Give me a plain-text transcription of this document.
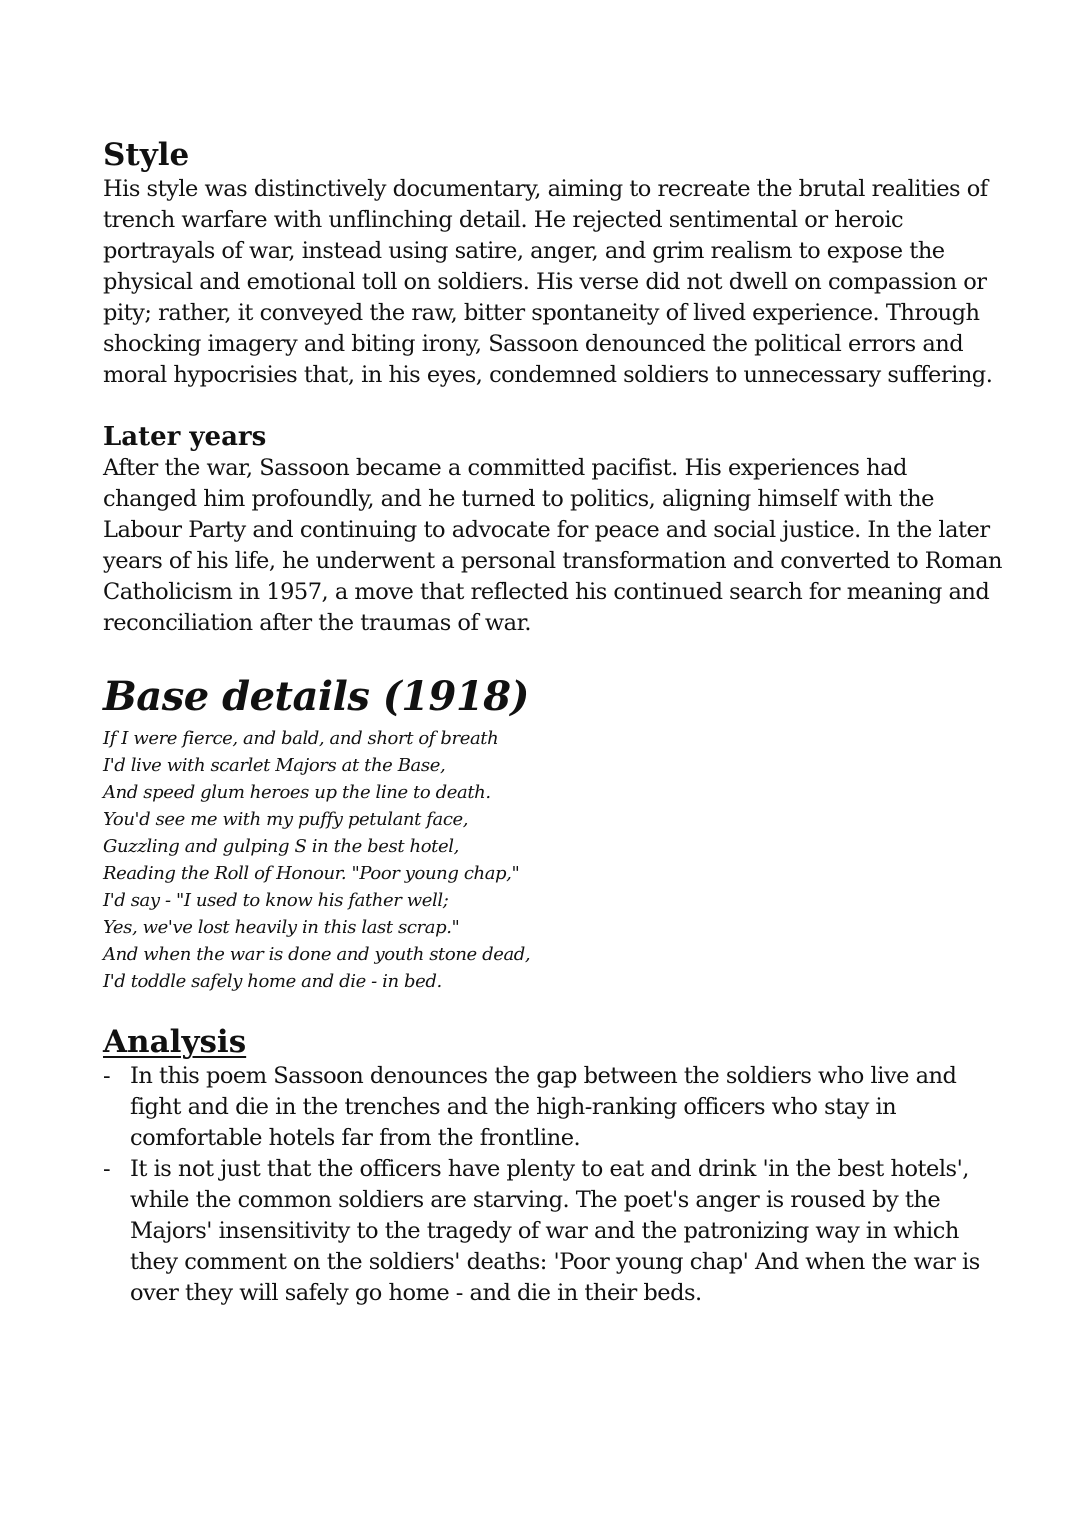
Style

His style was distinctively documentary, aiming to recreate the brutal realities of trench warfare with unflinching detail. He rejected sentimental or heroic portrayals of war, instead using satire, anger, and grim realism to expose the physical and emotional toll on soldiers. His verse did not dwell on compassion or pity; rather, it conveyed the raw, bitter spontaneity of lived experience. Through shocking imagery and biting irony, Sassoon denounced the political errors and moral hypocrisies that, in his eyes, condemned soldiers to unnecessary suffering.

Later years

After the war, Sassoon became a committed pacifist. His experiences had changed him profoundly, and he turned to politics, aligning himself with the Labour Party and continuing to advocate for peace and social justice. In the later years of his life, he underwent a personal transformation and converted to Roman Catholicism in 1957, a move that reflected his continued search for meaning and reconciliation after the traumas of war.

Base details (1918)
If I were fierce, and bald, and short of breath
I'd live with scarlet Majors at the Base,
And speed glum heroes up the line to death.
You'd see me with my puffy petulant face,
Guzzling and gulping S in the best hotel,
Reading the Roll of Honour. "Poor young chap,"
I'd say - "I used to know his father well;
Yes, we've lost heavily in this last scrap."
And when the war is done and youth stone dead,
I'd toddle safely home and die - in bed.
Analysis
- In this poem Sassoon denounces the gap between the soldiers who live and fight and die in the trenches and the high-ranking officers who stay in comfortable hotels far from the frontline.
- It is not just that the officers have plenty to eat and drink 'in the best hotels', while the common soldiers are starving. The poet's anger is roused by the Majors' insensitivity to the tragedy of war and the patronizing way in which they comment on the soldiers' deaths: 'Poor young chap' And when the war is over they will safely go home - and die in their beds.
